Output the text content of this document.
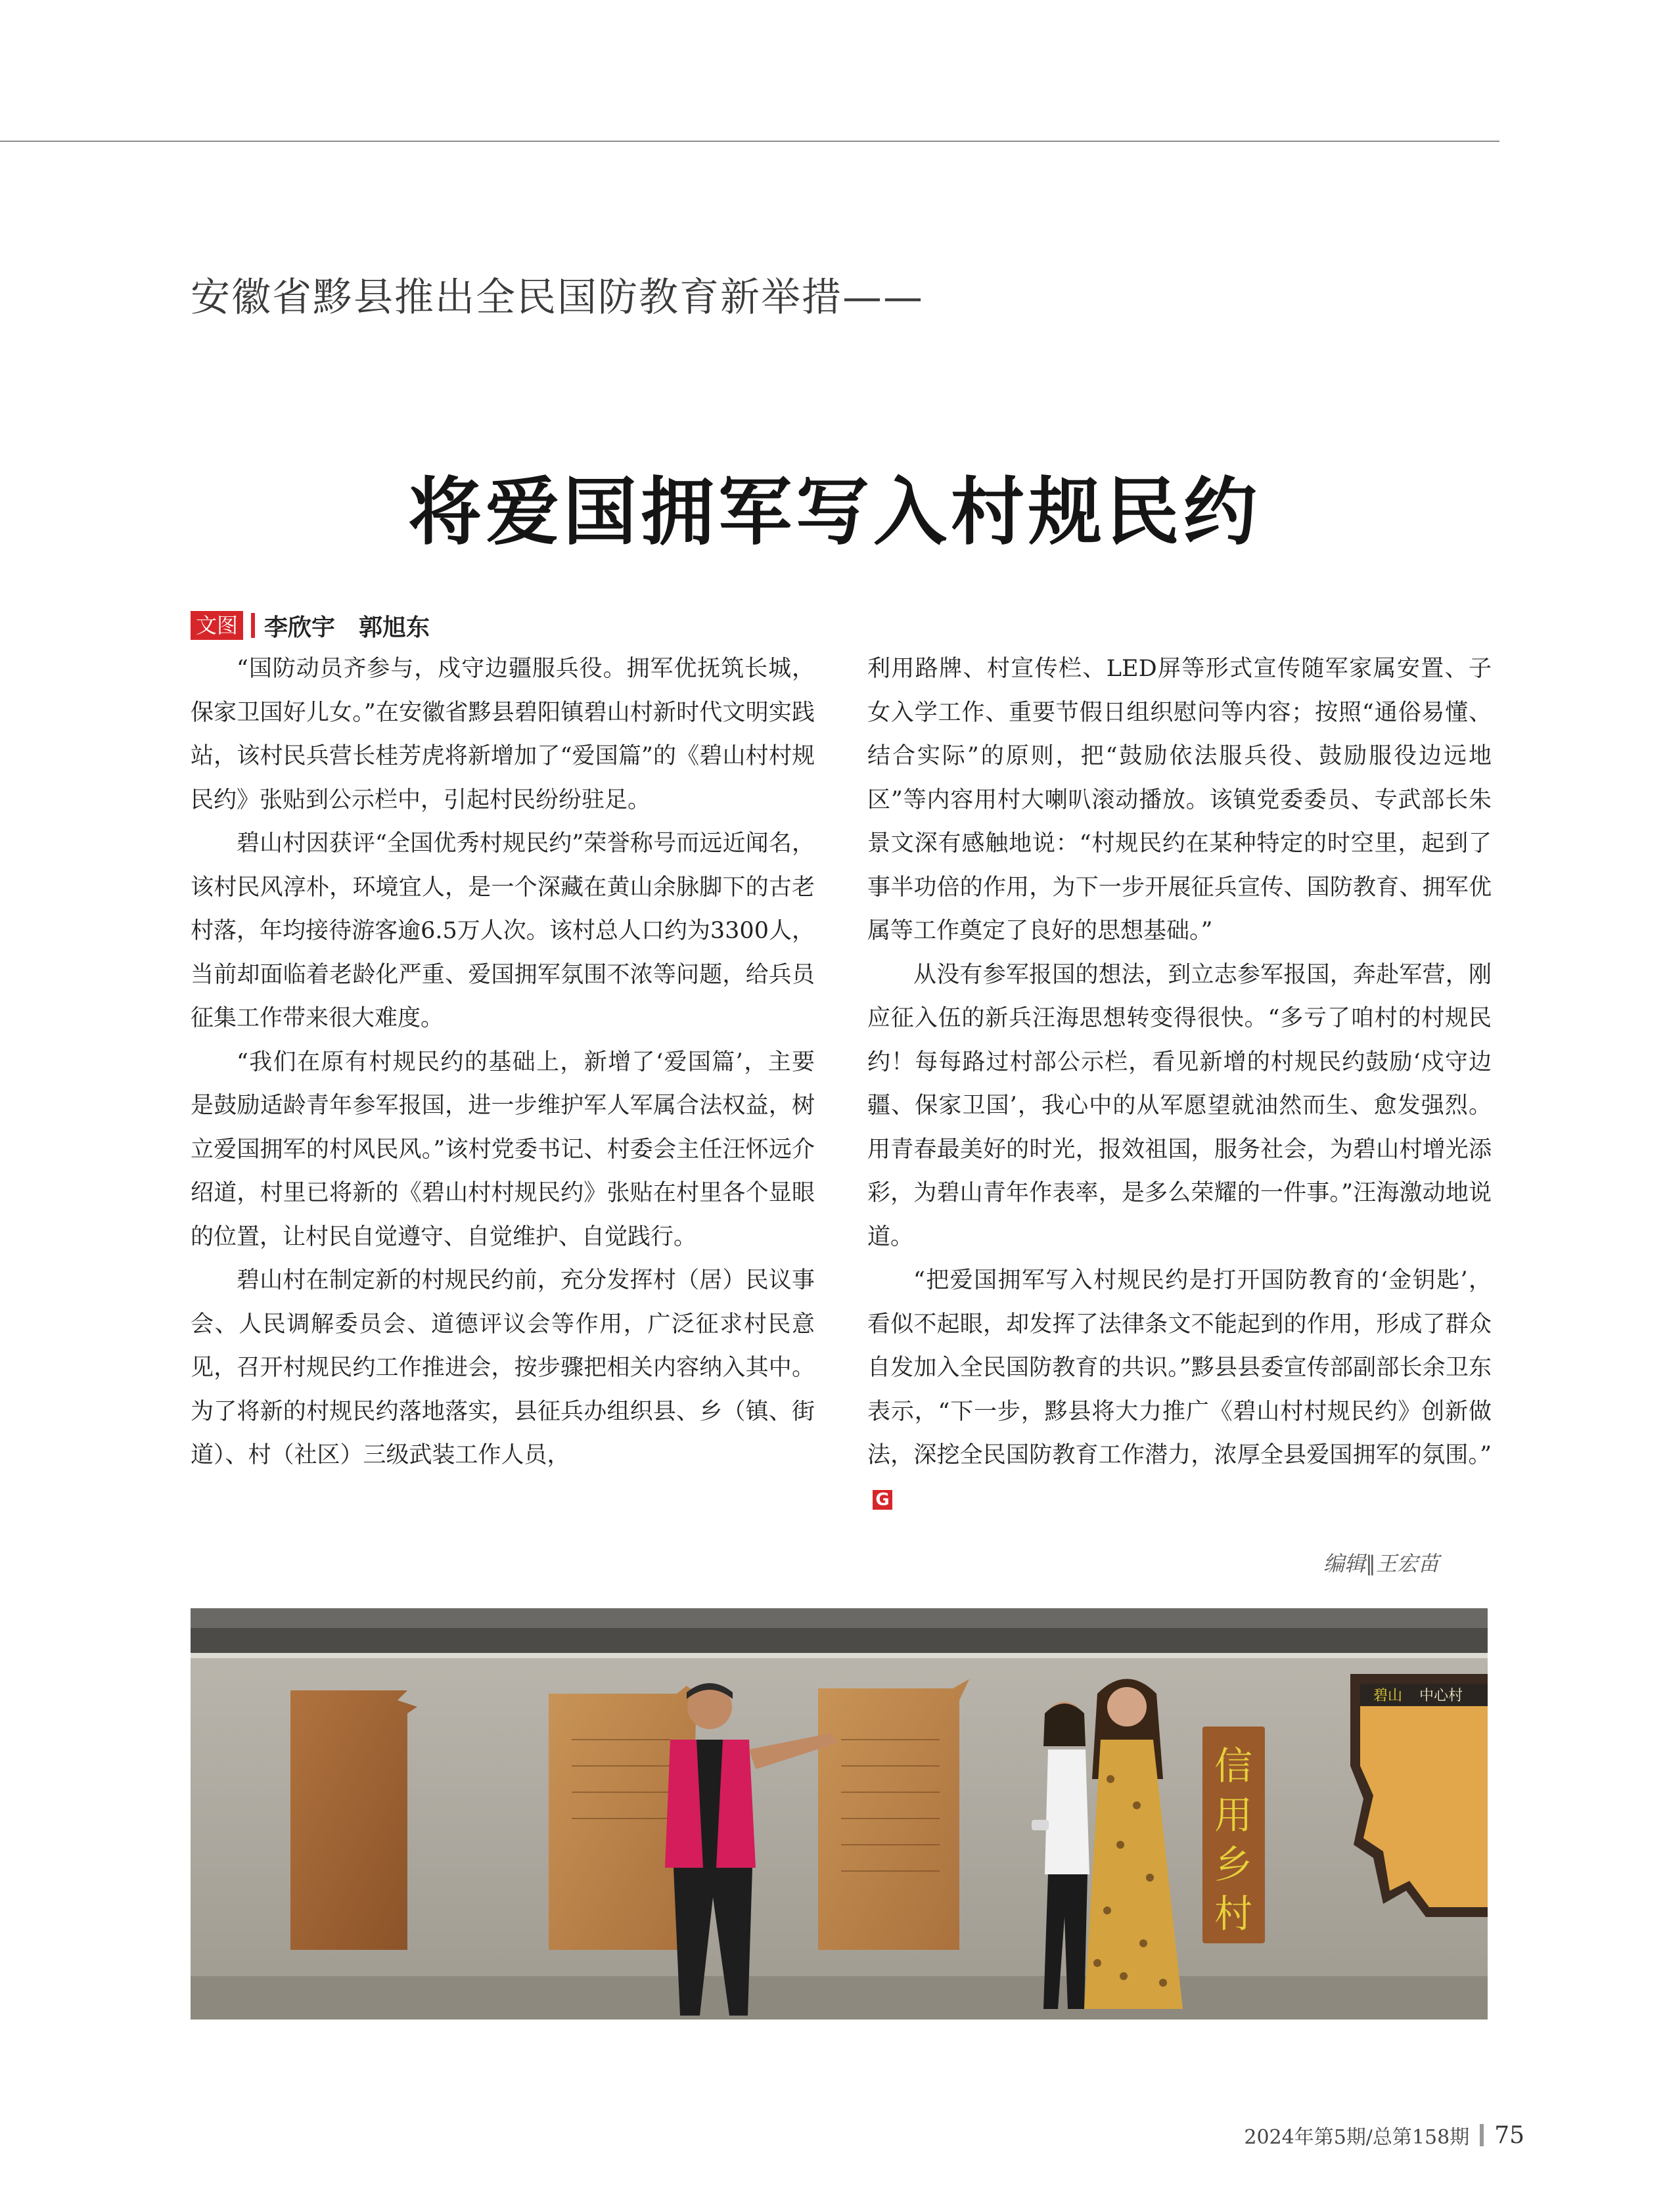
安徽省黟县推出全民国防教育新举措——
将爱国拥军写入村规民约
文图 李欣宇　郭旭东

“国防动员齐参与，戍守边疆服兵役。拥军优抚筑长城，保家卫国好儿女。”在安徽省黟县碧阳镇碧山村新时代文明实践站，该村民兵营长桂芳虎将新增加了“爱国篇”的《碧山村村规民约》张贴到公示栏中，引起村民纷纷驻足。

碧山村因获评“全国优秀村规民约”荣誉称号而远近闻名，该村民风淳朴，环境宜人，是一个深藏在黄山余脉脚下的古老村落，年均接待游客逾6.5万人次。该村总人口约为3300人，当前却面临着老龄化严重、爱国拥军氛围不浓等问题，给兵员征集工作带来很大难度。

“我们在原有村规民约的基础上，新增了‘爱国篇’，主要是鼓励适龄青年参军报国，进一步维护军人军属合法权益，树立爱国拥军的村风民风。”该村党委书记、村委会主任汪怀远介绍道，村里已将新的《碧山村村规民约》张贴在村里各个显眼的位置，让村民自觉遵守、自觉维护、自觉践行。

碧山村在制定新的村规民约前，充分发挥村（居）民议事会、人民调解委员会、道德评议会等作用，广泛征求村民意见，召开村规民约工作推进会，按步骤把相关内容纳入其中。为了将新的村规民约落地落实，县征兵办组织县、乡（镇、街道）、村（社区）三级武装工作人员，

利用路牌、村宣传栏、LED屏等形式宣传随军家属安置、子女入学工作、重要节假日组织慰问等内容；按照“通俗易懂、结合实际”的原则，把“鼓励依法服兵役、鼓励服役边远地区”等内容用村大喇叭滚动播放。该镇党委委员、专武部长朱景文深有感触地说：“村规民约在某种特定的时空里，起到了事半功倍的作用，为下一步开展征兵宣传、国防教育、拥军优属等工作奠定了良好的思想基础。”

从没有参军报国的想法，到立志参军报国，奔赴军营，刚应征入伍的新兵汪海思想转变得很快。“多亏了咱村的村规民约！每每路过村部公示栏，看见新增的村规民约鼓励‘戍守边疆、保家卫国’，我心中的从军愿望就油然而生、愈发强烈。用青春最美好的时光，报效祖国，服务社会，为碧山村增光添彩，为碧山青年作表率，是多么荣耀的一件事。”汪海激动地说道。

“把爱国拥军写入村规民约是打开国防教育的‘金钥匙’，看似不起眼，却发挥了法律条文不能起到的作用，形成了群众自发加入全民国防教育的共识。”黟县县委宣传部副部长余卫东表示，“下一步，黟县将大力推广《碧山村村规民约》创新做法，深挖全民国防教育工作潜力，浓厚全县爱国拥军的氛围。”G

编辑∥王宏苗
信
用
乡
村
碧山 中心村
2024年第5期/总第158期 75
